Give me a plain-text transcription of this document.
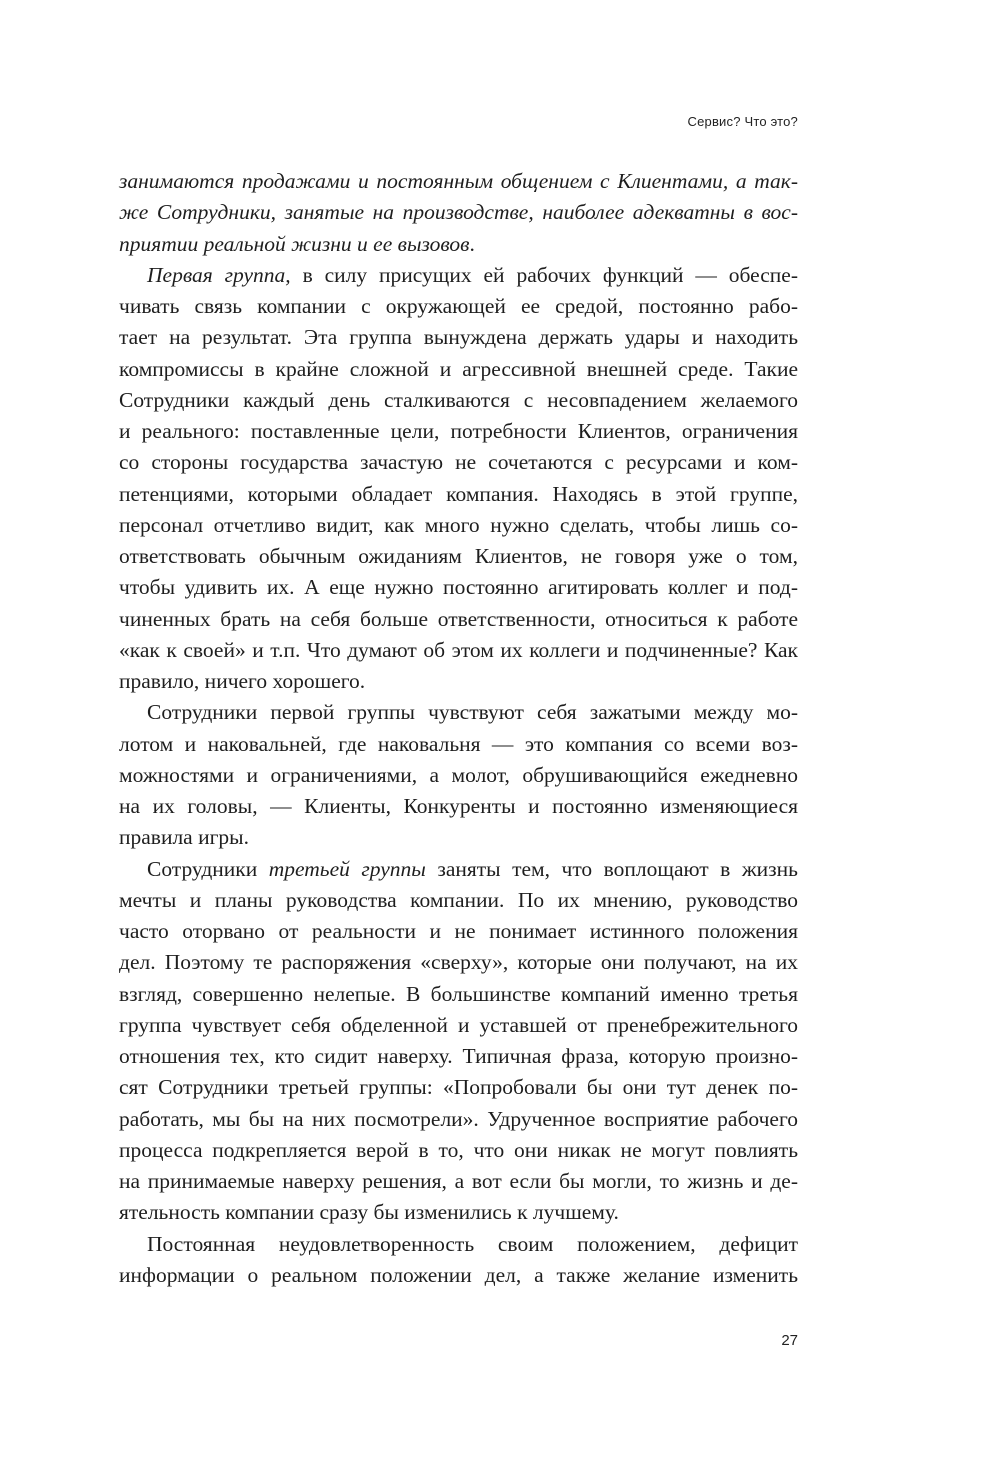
Сервис? Что это?
занимаются продажами и постоянным общением с Клиентами, а так-
же Сотрудники, занятые на производстве, наиболее адекватны в вос-
приятии реальной жизни и ее вызовов.
Первая группа, в силу присущих ей рабочих функций — обеспе-
чивать связь компании с окружающей ее средой, постоянно рабо-
тает на результат. Эта группа вынуждена держать удары и находить
компромиссы в крайне сложной и агрессивной внешней среде. Такие
Сотрудники каждый день сталкиваются с несовпадением желаемого
и реального: поставленные цели, потребности Клиентов, ограничения
со стороны государства зачастую не сочетаются с ресурсами и ком-
петенциями, которыми обладает компания. Находясь в этой группе,
персонал отчетливо видит, как много нужно сделать, чтобы лишь со-
ответствовать обычным ожиданиям Клиентов, не говоря уже о том,
чтобы удивить их. А еще нужно постоянно агитировать коллег и под-
чиненных брать на себя больше ответственности, относиться к работе
«как к своей» и т.п. Что думают об этом их коллеги и подчиненные? Как
правило, ничего хорошего.
Сотрудники первой группы чувствуют себя зажатыми между мо-
лотом и наковальней, где наковальня — это компания со всеми воз-
можностями и ограничениями, а молот, обрушивающийся ежедневно
на их головы, — Клиенты, Конкуренты и постоянно изменяющиеся
правила игры.
Сотрудники третьей группы заняты тем, что воплощают в жизнь
мечты и планы руководства компании. По их мнению, руководство
часто оторвано от реальности и не понимает истинного положения
дел. Поэтому те распоряжения «сверху», которые они получают, на их
взгляд, совершенно нелепые. В большинстве компаний именно третья
группа чувствует себя обделенной и уставшей от пренебрежительного
отношения тех, кто сидит наверху. Типичная фраза, которую произно-
сят Сотрудники третьей группы: «Попробовали бы они тут денек по-
работать, мы бы на них посмотрели». Удрученное восприятие рабочего
процесса подкрепляется верой в то, что они никак не могут повлиять
на принимаемые наверху решения, а вот если бы могли, то жизнь и де-
ятельность компании сразу бы изменились к лучшему.
Постоянная неудовлетворенность своим положением, дефицит
информации о реальном положении дел, а также желание изменить
27
